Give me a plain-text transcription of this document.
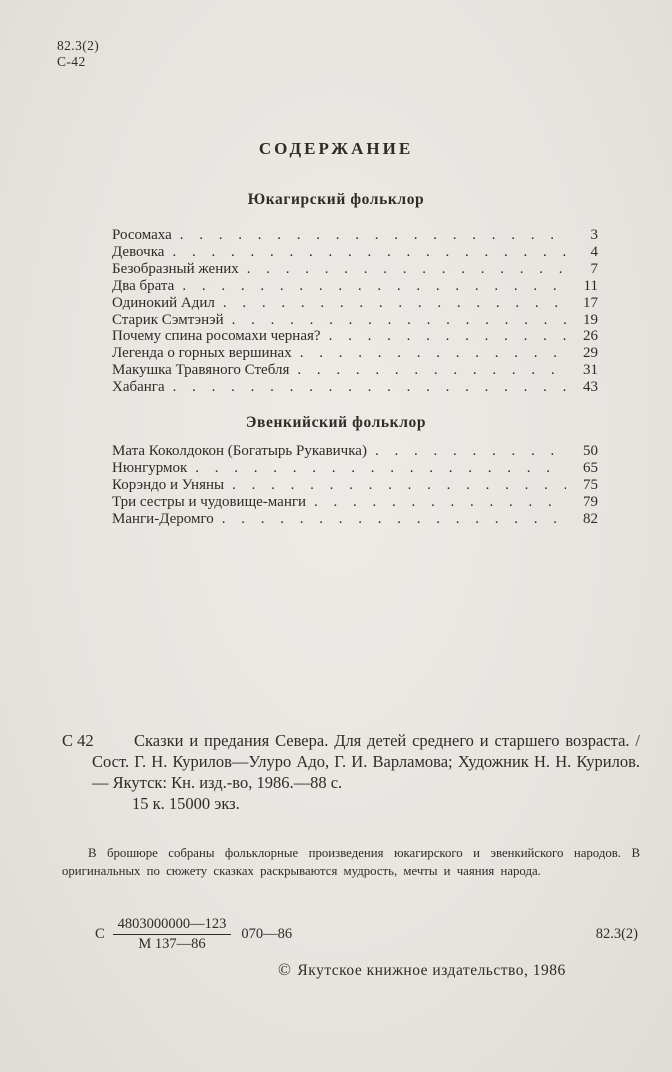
82.3(2)
С-42
СОДЕРЖАНИЕ
Юкагирский фольклор
Росомаха . . .	3
Девочка . . .	4
Безобразный жених . . .	7
Два брата . . .	11
Одинокий Адил . . .	17
Старик Сэмтэнэй . . .	19
Почему спина росомахи черная? . . .	26
Легенда о горных вершинах . . .	29
Макушка Травяного Стебля . . .	31
Хабанга . . .	43
Эвенкийский фольклор
Мата Коколдокон (Богатырь Рукавичка) . . .	50
Нюнгурмок . . .	65
Корэндо и Уняны . . .	75
Три сестры и чудовище-манги . . .	79
Манги-Деромго . . .	82
С 42	Сказки и предания Севера. Для детей среднего и старшего возраста. /Сост. Г. Н. Курилов—Улуро Адо, Г. И. Варламова; Художник Н. Н. Курилов.— Якутск: Кн. изд.-во, 1986.—88 с.

15 к. 15000 экз.

В брошюре собраны фольклорные произведения юкагирского и эвенкийского народов. В оригинальных по сюжету сказках раскрываются мудрость, мечты и чаяния народа.

С $\frac{4803000000—123}{М 137—86}$ 070—86	82.3(2)
© Якутское книжное издательство, 1986
